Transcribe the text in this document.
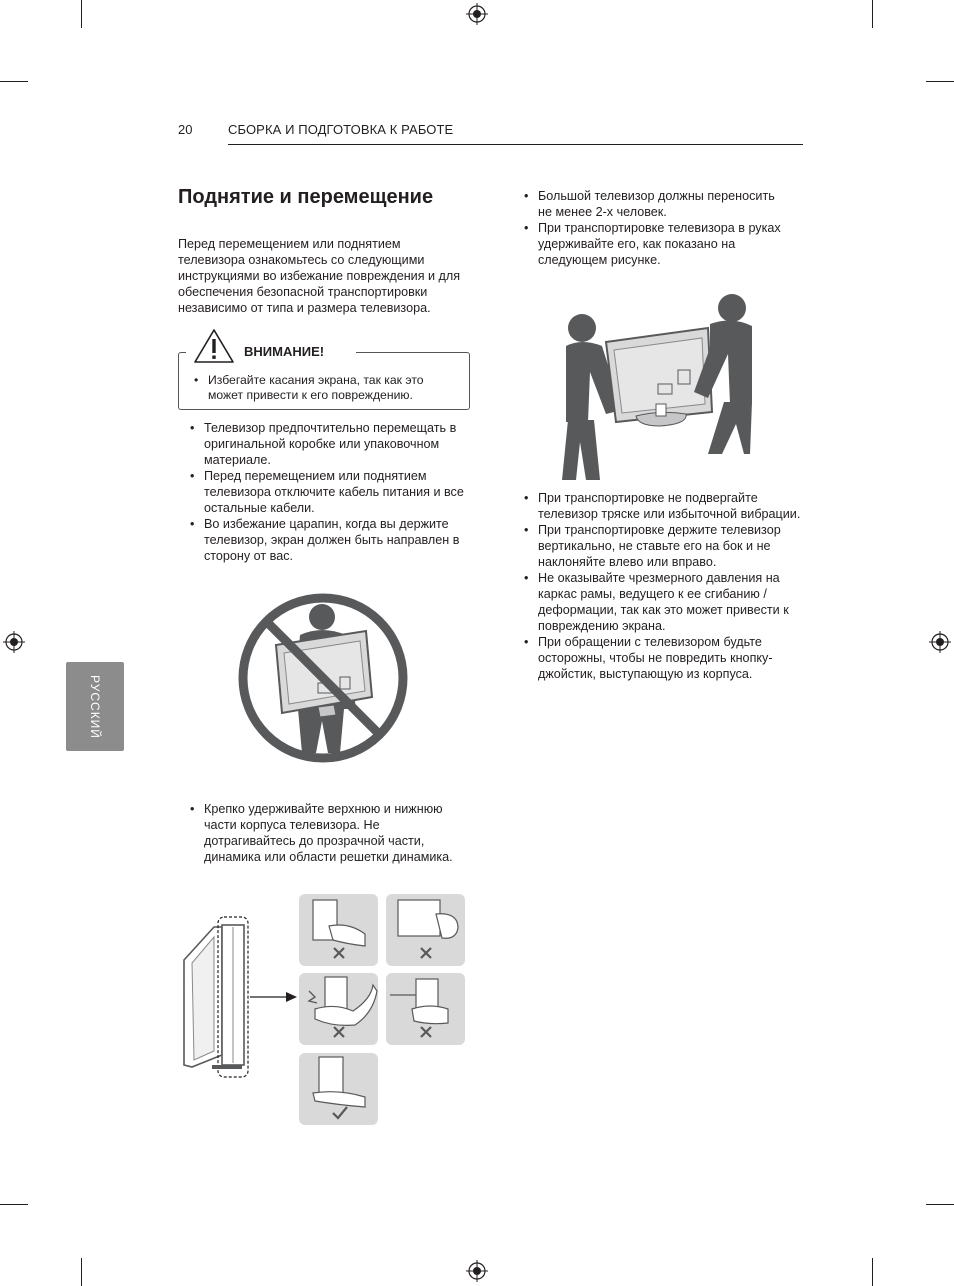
20	СБОРКА И ПОДГОТОВКА К РАБОТЕ
Поднятие и перемещение
Перед перемещением или поднятием телевизора ознакомьтесь со следующими инструкциями во избежание повреждения и для обеспечения безопасной транспортировки независимо от типа и размера телевизора.
ВНИМАНИЕ!
• Избегайте касания экрана, так как это может привести к его повреждению.
• Телевизор предпочтительно перемещать в оригинальной коробке или упаковочном материале.
• Перед перемещением или поднятием телевизора отключите кабель питания и все остальные кабели.
• Во избежание царапин, когда вы держите телевизор, экран должен быть направлен в сторону от вас.
• Крепко удерживайте верхнюю и нижнюю части корпуса телевизора. Не дотрагивайтесь до прозрачной части, динамика или области решетки динамика.
РУССКИЙ
• Большой телевизор должны переносить не менее 2-х человек.
• При транспортировке телевизора в руках удерживайте его, как показано на следующем рисунке.
• При транспортировке не подвергайте телевизор тряске или избыточной вибрации.
• При транспортировке держите телевизор вертикально, не ставьте его на бок и не наклоняйте влево или вправо.
• Не оказывайте чрезмерного давления на каркас рамы, ведущего к ее сгибанию / деформации, так как это может привести к повреждению экрана.
• При обращении с телевизором будьте осторожны, чтобы не повредить кнопку-джойстик, выступающую из корпуса.
